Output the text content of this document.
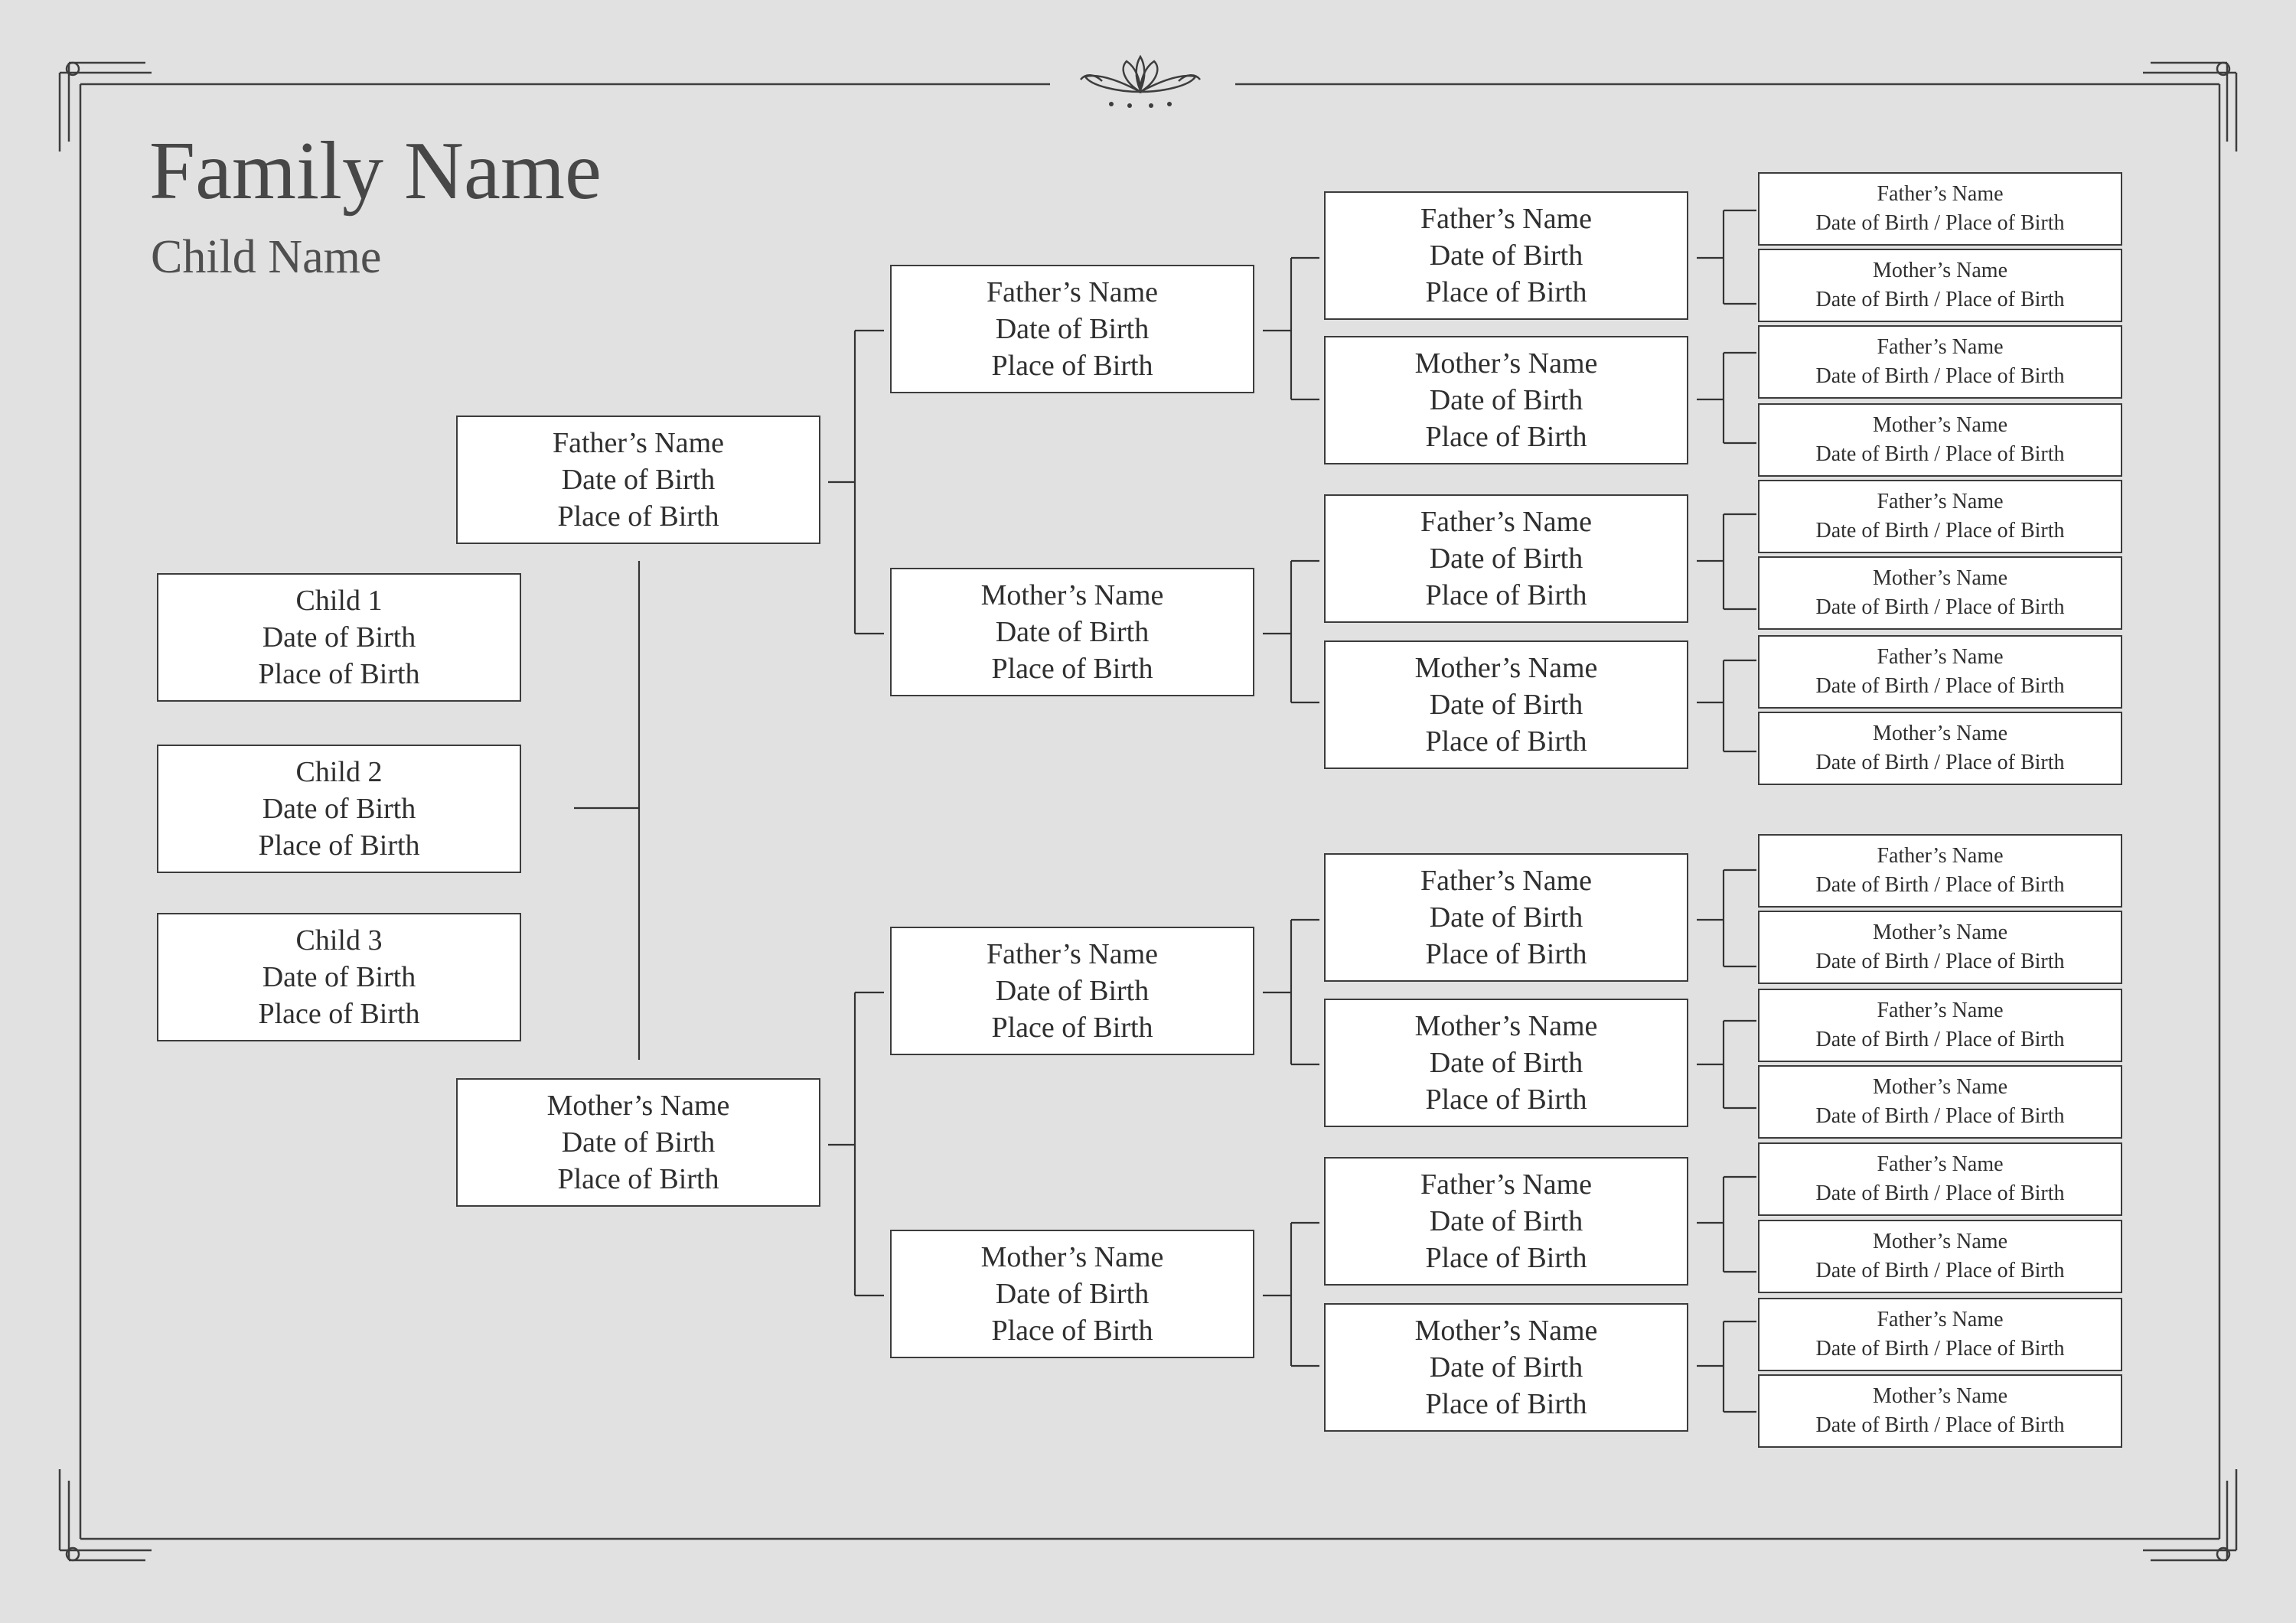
Family Name
Child Name
Child 1
Date of Birth
Place of Birth
Child 2
Date of Birth
Place of Birth
Child 3
Date of Birth
Place of Birth
Father’s Name
Date of Birth
Place of Birth
Mother’s Name
Date of Birth
Place of Birth
Father’s Name
Date of Birth
Place of Birth
Mother’s Name
Date of Birth
Place of Birth
Father’s Name
Date of Birth
Place of Birth
Mother’s Name
Date of Birth
Place of Birth
Father’s Name
Date of Birth
Place of Birth
Mother’s Name
Date of Birth
Place of Birth
Father’s Name
Date of Birth
Place of Birth
Mother’s Name
Date of Birth
Place of Birth
Father’s Name
Date of Birth
Place of Birth
Mother’s Name
Date of Birth
Place of Birth
Father’s Name
Date of Birth
Place of Birth
Mother’s Name
Date of Birth
Place of Birth
Father’s Name
Date of Birth / Place of Birth
Mother’s Name
Date of Birth / Place of Birth
Father’s Name
Date of Birth / Place of Birth
Mother’s Name
Date of Birth / Place of Birth
Father’s Name
Date of Birth / Place of Birth
Mother’s Name
Date of Birth / Place of Birth
Father’s Name
Date of Birth / Place of Birth
Mother’s Name
Date of Birth / Place of Birth
Father’s Name
Date of Birth / Place of Birth
Mother’s Name
Date of Birth / Place of Birth
Father’s Name
Date of Birth / Place of Birth
Mother’s Name
Date of Birth / Place of Birth
Father’s Name
Date of Birth / Place of Birth
Mother’s Name
Date of Birth / Place of Birth
Father’s Name
Date of Birth / Place of Birth
Mother’s Name
Date of Birth / Place of Birth
